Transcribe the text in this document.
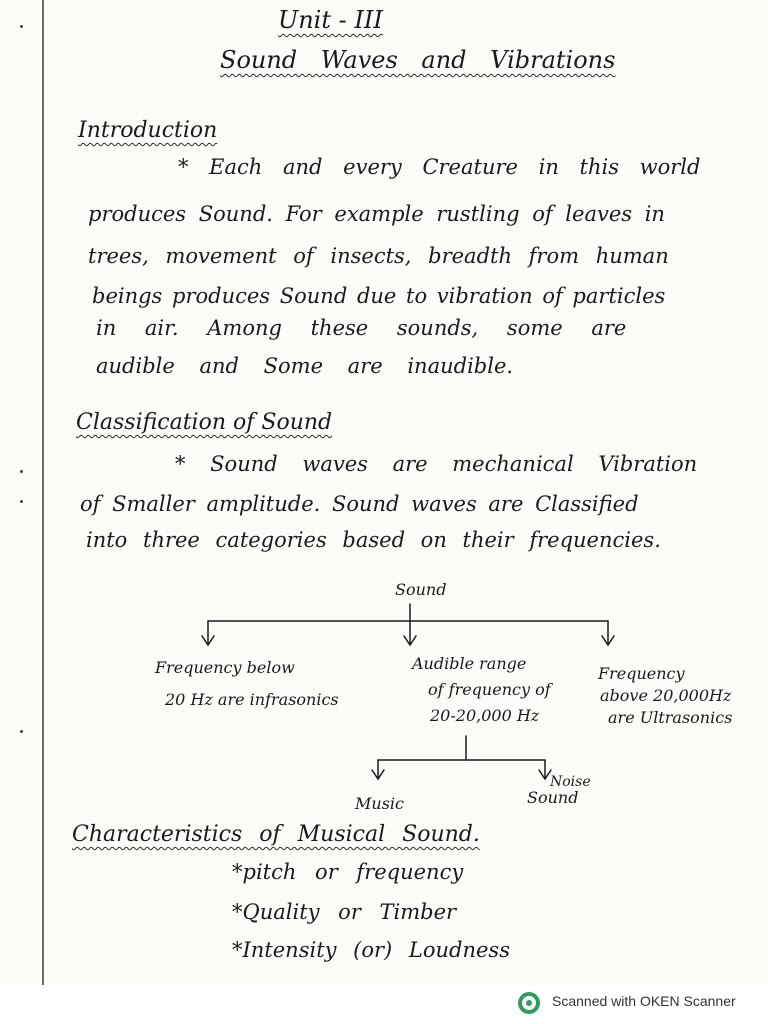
Unit - III
Sound Waves and Vibrations
Introduction
* Each and every Creature in this world
produces Sound. For example rustling of leaves in
trees, movement of insects, breadth from human
beings produces Sound due to vibration of particles
in air. Among these sounds, some are
audible and Some are inaudible.
Classification of Sound
* Sound waves are mechanical Vibration
of Smaller amplitude. Sound waves are Classified
into three categories based on their frequencies.
Sound
Frequency below
20 Hz are infrasonics
Audible range
of frequency of
20-20,000 Hz
Frequency
above 20,000Hz
are Ultrasonics
Music
Noise
Sound
Characteristics of Musical Sound.
*pitch or frequency
*Quality or Timber
*Intensity (or) Loudness
Scanned with OKEN Scanner
